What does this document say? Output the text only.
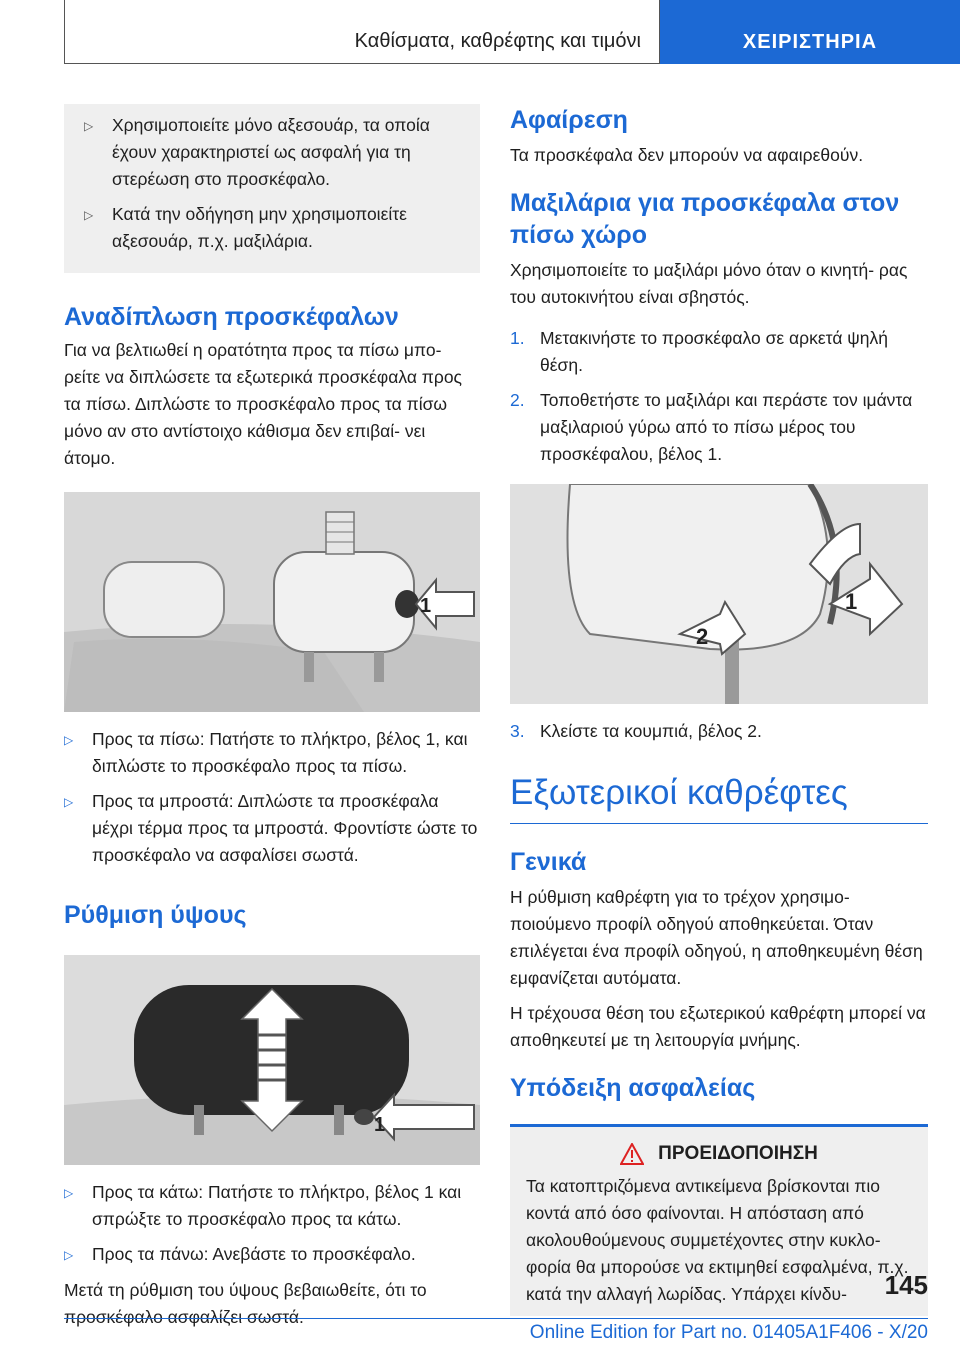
Καθίσματα, καθρέφτης και τιμόνι	ΧΕΙΡΙΣΤΗΡΙΑ
▷	Χρησιμοποιείτε μόνο αξεσουάρ, τα οποία έχουν χαρακτηριστεί ως ασφαλή για τη στερέωση στο προσκέφαλο.
▷	Κατά την οδήγηση μην χρησιμοποιείτε αξεσουάρ, π.χ. μαξιλάρια.
Αναδίπλωση προσκέφαλων

Για να βελτιωθεί η ορατότητα προς τα πίσω μπο- ρείτε να διπλώσετε τα εξωτερικά προσκέφαλα προς τα πίσω. Διπλώστε το προσκέφαλο προς τα πίσω μόνο αν στο αντίστοιχο κάθισμα δεν επιβαί- νει άτομο.

1
▷	Προς τα πίσω: Πατήστε το πλήκτρο, βέλος 1, και διπλώστε το προσκέφαλο προς τα πίσω.
▷	Προς τα μπροστά: Διπλώστε τα προσκέφαλα μέχρι τέρμα προς τα μπροστά. Φροντίστε ώστε το προσκέφαλο να ασφαλίσει σωστά.
Ρύθμιση ύψους
1
▷	Προς τα κάτω: Πατήστε το πλήκτρο, βέλος 1 και σπρώξτε το προσκέφαλο προς τα κάτω.
▷	Προς τα πάνω: Ανεβάστε το προσκέφαλο.

Μετά τη ρύθμιση του ύψους βεβαιωθείτε, ότι το προσκέφαλο ασφαλίζει σωστά.

Αφαίρεση

Τα προσκέφαλα δεν μπορούν να αφαιρεθούν.

Μαξιλάρια για προσκέφαλα στον πίσω χώρο

Χρησιμοποιείτε το μαξιλάρι μόνο όταν ο κινητή- ρας του αυτοκινήτου είναι σβηστός.

1. Μετακινήστε το προσκέφαλο σε αρκετά ψηλή θέση.
2. Τοποθετήστε το μαξιλάρι και περάστε τον ιμάντα μαξιλαριού γύρω από το πίσω μέρος του προσκέφαλου, βέλος 1.
1
2
3. Κλείστε τα κουμπιά, βέλος 2.
Εξωτερικοί καθρέφτες
Γενικά

Η ρύθμιση καθρέφτη για το τρέχον χρησιμο- ποιούμενο προφίλ οδηγού αποθηκεύεται. Όταν επιλέγεται ένα προφίλ οδηγού, η αποθηκευμένη θέση εμφανίζεται αυτόματα.

Η τρέχουσα θέση του εξωτερικού καθρέφτη μπορεί να αποθηκευτεί με τη λειτουργία μνήμης.

Υπόδειξη ασφαλείας
ΠΡΟΕΙΔΟΠΟΙΗΣΗ

Τα κατοπτριζόμενα αντικείμενα βρίσκονται πιο κοντά από όσο φαίνονται. Η απόσταση από ακολουθούμενους συμμετέχοντες στην κυκλο- φορία θα μπορούσε να εκτιμηθεί εσφαλμένα, π.χ. κατά την αλλαγή λωρίδας. Υπάρχει κίνδυ-	145
Online Edition for Part no. 01405A1F406 - X/20
